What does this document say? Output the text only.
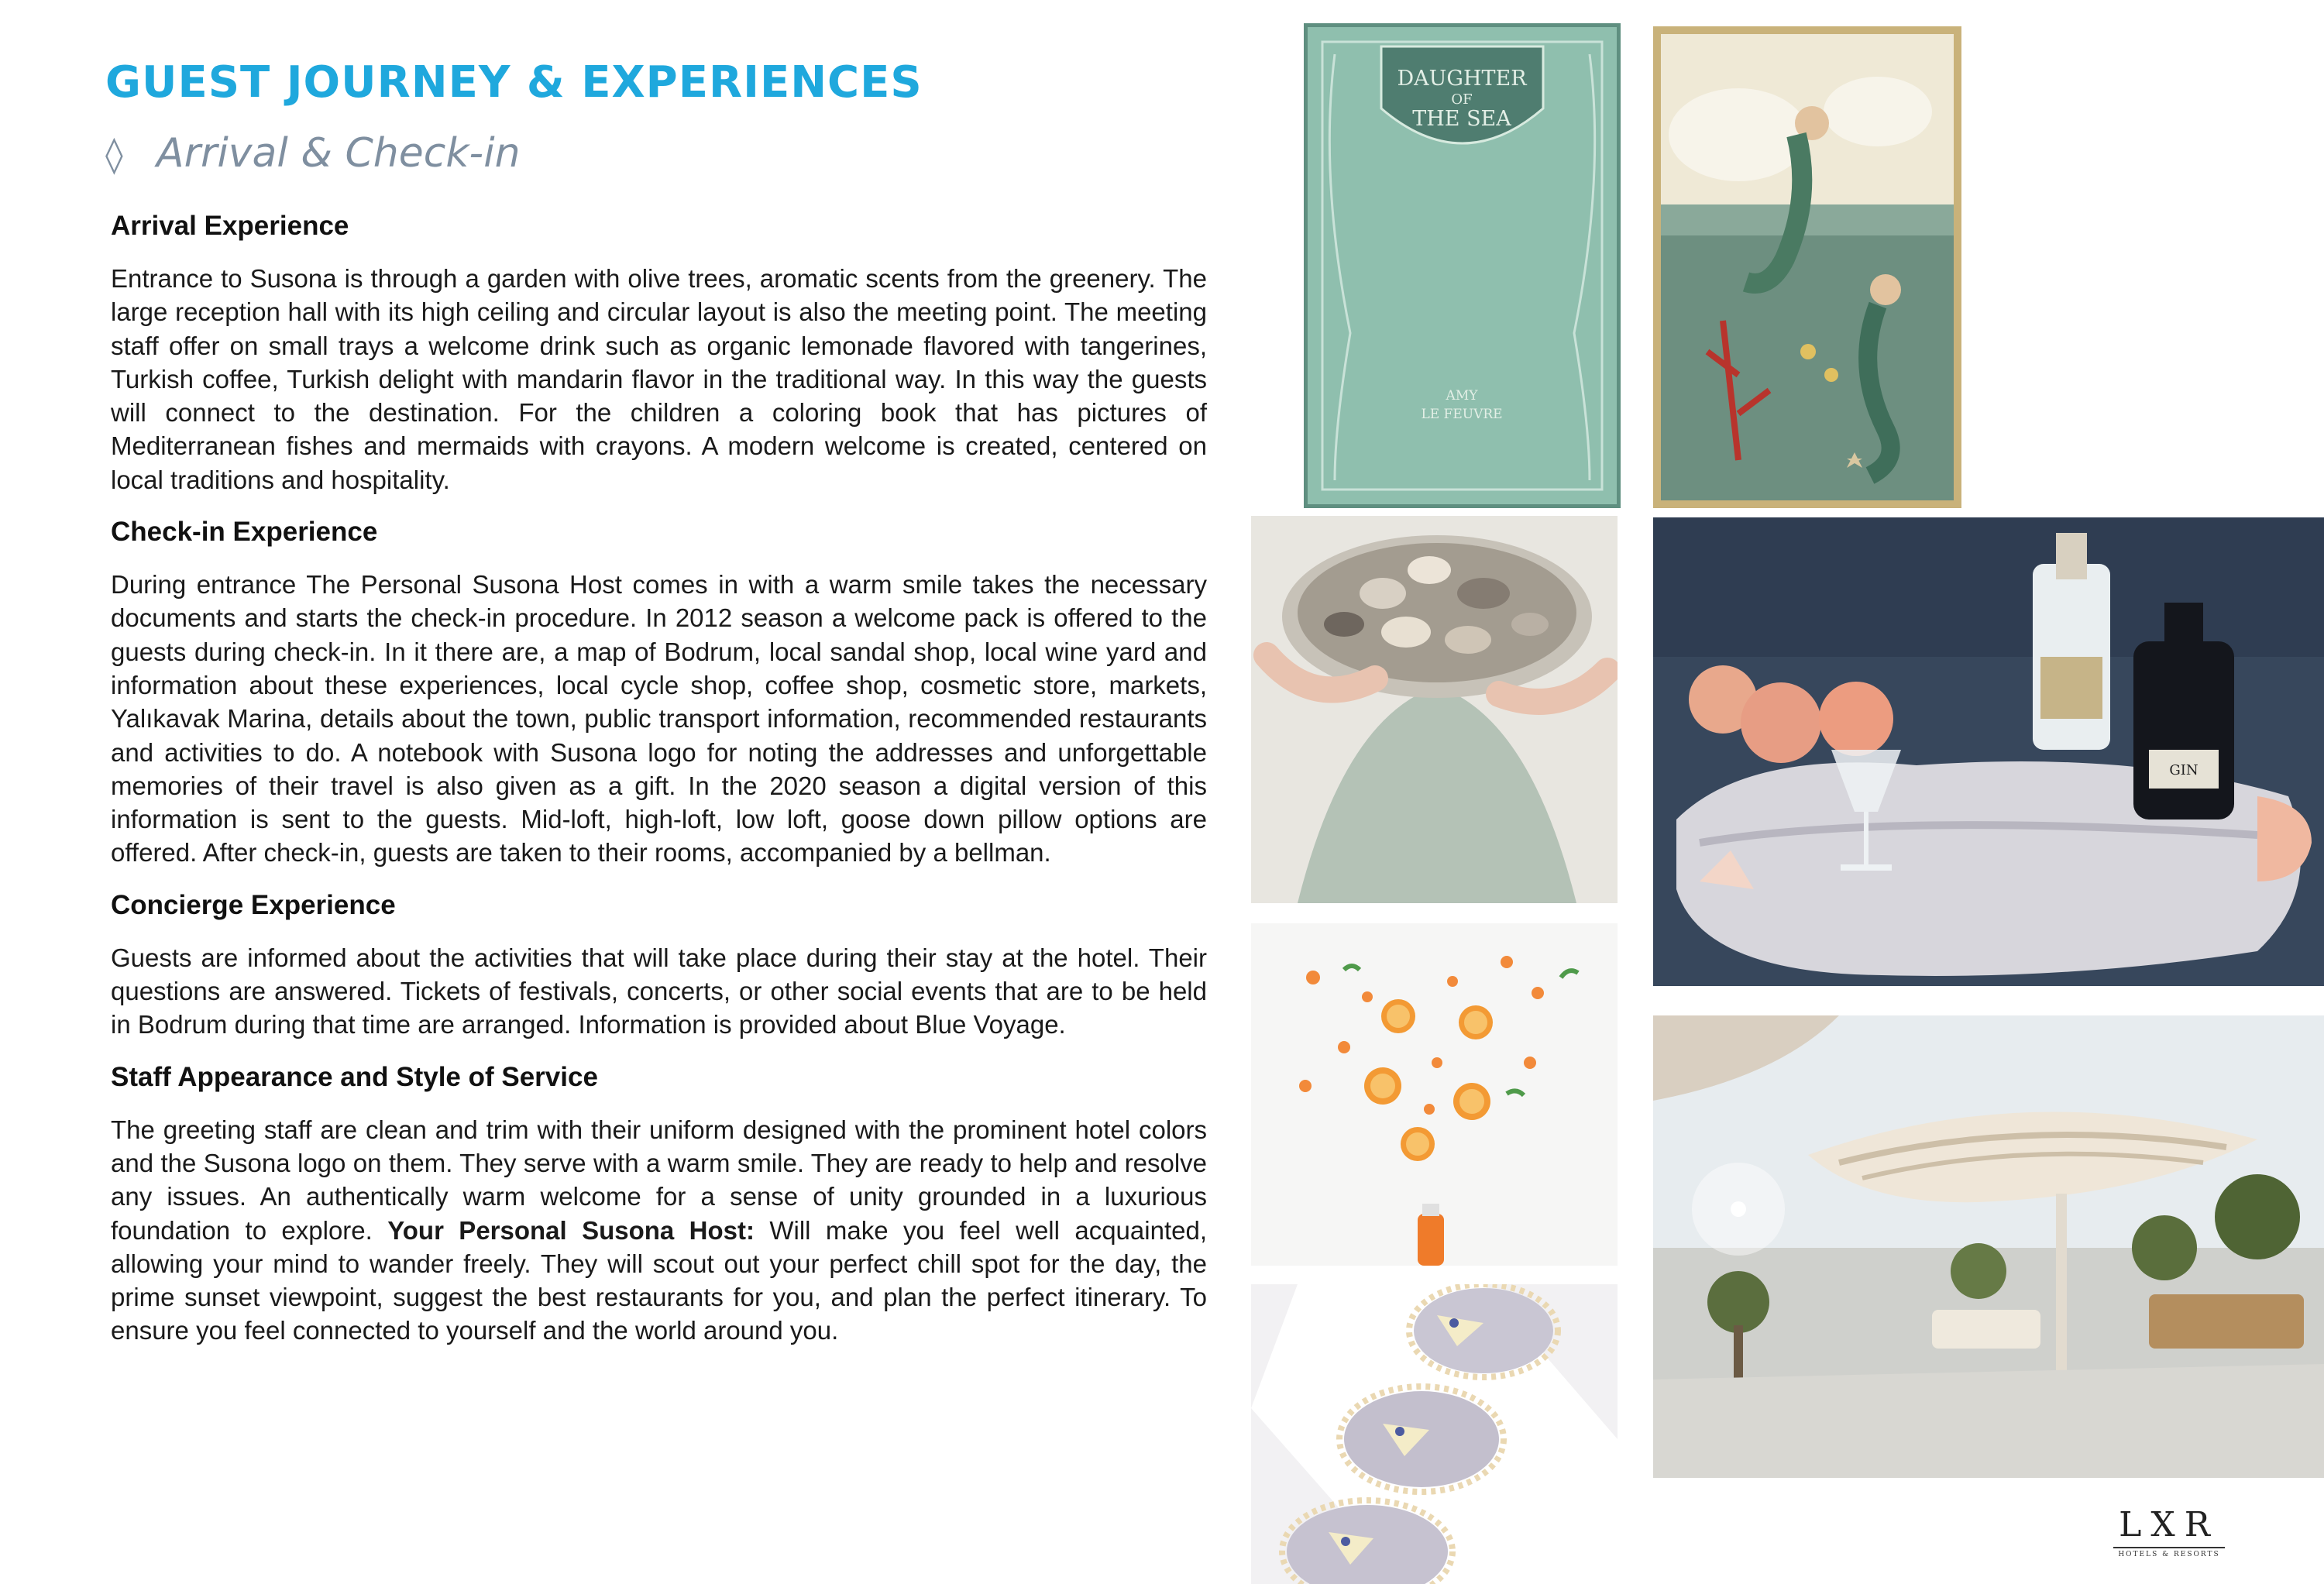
GUEST JOURNEY & EXPERIENCES
◊ Arrival & Check-in
Arrival Experience

Entrance to Susona is through a garden with olive trees, aromatic scents from the greenery. The large reception hall with its high ceiling and circular layout is also the meeting point. The meeting staff offer on small trays a welcome drink such as organic lemonade flavored with tangerines, Turkish coffee, Turkish delight with mandarin flavor in the traditional way. In this way the guests will connect to the destination. For the children a coloring book that has pictures of Mediterranean fishes and mermaids with crayons. A modern welcome is created, centered on local traditions and hospitality.

Check-in Experience

During entrance The Personal Susona Host comes in with a warm smile takes the necessary documents and starts the check-in procedure. In 2012 season a welcome pack is offered to the guests during check-in. In it there are, a map of Bodrum, local sandal shop, local wine yard and information about these experiences, local cycle shop, coffee shop, cosmetic store, markets, Yalıkavak Marina, details about the town, public transport information, recommended restaurants and activities to do. A notebook with Susona logo for noting the addresses and unforgettable memories of their travel is also given as a gift. In the 2020 season a digital version of this information is sent to the guests. Mid-loft, high-loft, low loft, goose down pillow options are offered. After check-in, guests are taken to their rooms, accompanied by a bellman.

Concierge Experience

Guests are informed about the activities that will take place during their stay at the hotel. Their questions are answered. Tickets of festivals, concerts, or other social events that are to be held in Bodrum during that time are arranged. Information is provided about Blue Voyage.

Staff Appearance and Style of Service

The greeting staff are clean and trim with their uniform designed with the prominent hotel colors and the Susona logo on them. They serve with a warm smile. They are ready to help and resolve any issues. An authentically warm welcome for a sense of unity grounded in a luxurious foundation to explore. Your Personal Susona Host: Will make you feel well acquainted, allowing your mind to wander freely. They will scout out your perfect chill spot for the day, the prime sunset viewpoint, suggest the best restaurants for you, and plan the perfect itinerary. To ensure you feel connected to yourself and the world around you.

DAUGHTER
OF
THE SEA
AMY
LE FEUVRE
GIN
LXR
HOTELS & RESORTS
